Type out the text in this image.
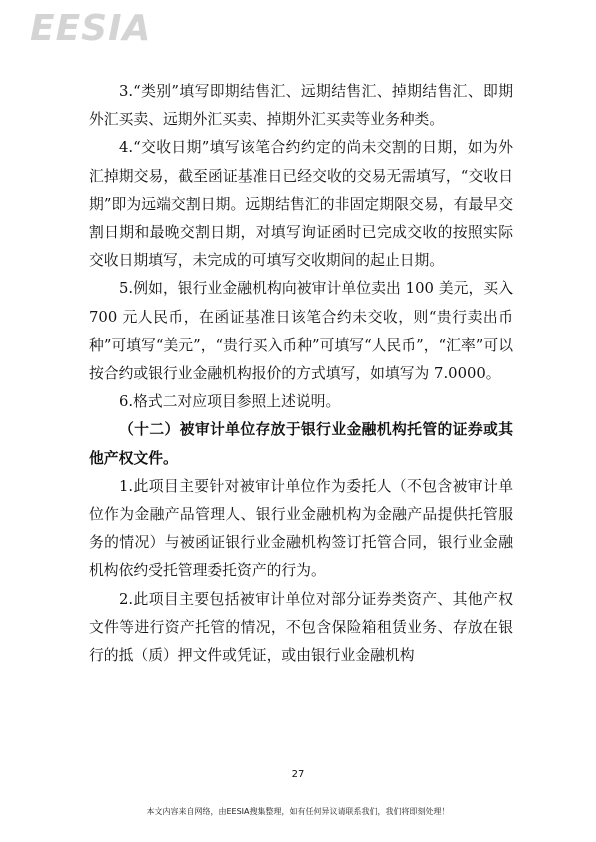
EESIA

3.“类别”填写即期结售汇、远期结售汇、掉期结售汇、即期外汇买卖、远期外汇买卖、掉期外汇买卖等业务种类。

4.“交收日期”填写该笔合约约定的尚未交割的日期，如为外汇掉期交易，截至函证基准日已经交收的交易无需填写，“交收日期”即为远端交割日期。远期结售汇的非固定期限交易，有最早交割日期和最晚交割日期，对填写询证函时已完成交收的按照实际交收日期填写，未完成的可填写交收期间的起止日期。

5.例如，银行业金融机构向被审计单位卖出 100 美元，买入 700 元人民币，在函证基准日该笔合约未交收，则“贵行卖出币种”可填写“美元”，“贵行买入币种”可填写“人民币”，“汇率”可以按合约或银行业金融机构报价的方式填写，如填写为 7.0000。

6.格式二对应项目参照上述说明。

（十二）被审计单位存放于银行业金融机构托管的证券或其他产权文件。

1.此项目主要针对被审计单位作为委托人（不包含被审计单位作为金融产品管理人、银行业金融机构为金融产品提供托管服务的情况）与被函证银行业金融机构签订托管合同，银行业金融机构依约受托管理委托资产的行为。

2.此项目主要包括被审计单位对部分证券类资产、其他产权文件等进行资产托管的情况，不包含保险箱租赁业务、存放在银行的抵（质）押文件或凭证，或由银行业金融机构

27
本文内容来自网络，由EESIA搜集整理，如有任何异议请联系我们，我们将即刻处理！
